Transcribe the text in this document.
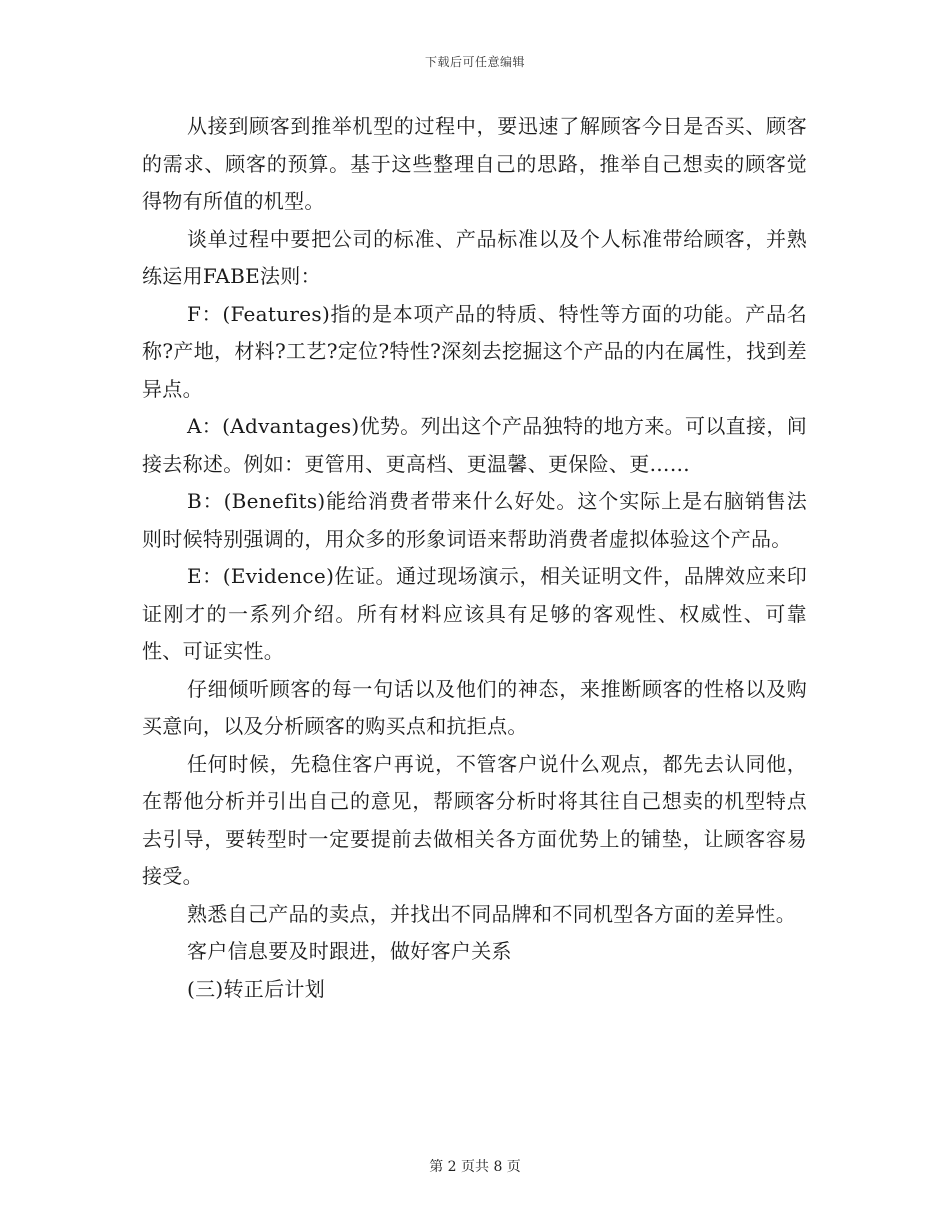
下载后可任意编辑

从接到顾客到推举机型的过程中，要迅速了解顾客今日是否买、顾客的需求、顾客的预算。基于这些整理自己的思路，推举自己想卖的顾客觉得物有所值的机型。

谈单过程中要把公司的标准、产品标准以及个人标准带给顾客，并熟练运用FABE法则：

F：(Features)指的是本项产品的特质、特性等方面的功能。产品名称?产地，材料?工艺?定位?特性?深刻去挖掘这个产品的内在属性，找到差异点。

A：(Advantages)优势。列出这个产品独特的地方来。可以直接，间接去称述。例如：更管用、更高档、更温馨、更保险、更……

B：(Benefits)能给消费者带来什么好处。这个实际上是右脑销售法则时候特别强调的，用众多的形象词语来帮助消费者虚拟体验这个产品。

E：(Evidence)佐证。通过现场演示，相关证明文件，品牌效应来印证刚才的一系列介绍。所有材料应该具有足够的客观性、权威性、可靠性、可证实性。

仔细倾听顾客的每一句话以及他们的神态，来推断顾客的性格以及购买意向，以及分析顾客的购买点和抗拒点。

任何时候，先稳住客户再说，不管客户说什么观点，都先去认同他，在帮他分析并引出自己的意见，帮顾客分析时将其往自己想卖的机型特点去引导，要转型时一定要提前去做相关各方面优势上的铺垫，让顾客容易接受。

熟悉自己产品的卖点，并找出不同品牌和不同机型各方面的差异性。

客户信息要及时跟进，做好客户关系

(三)转正后计划

第 2 页共 8 页
